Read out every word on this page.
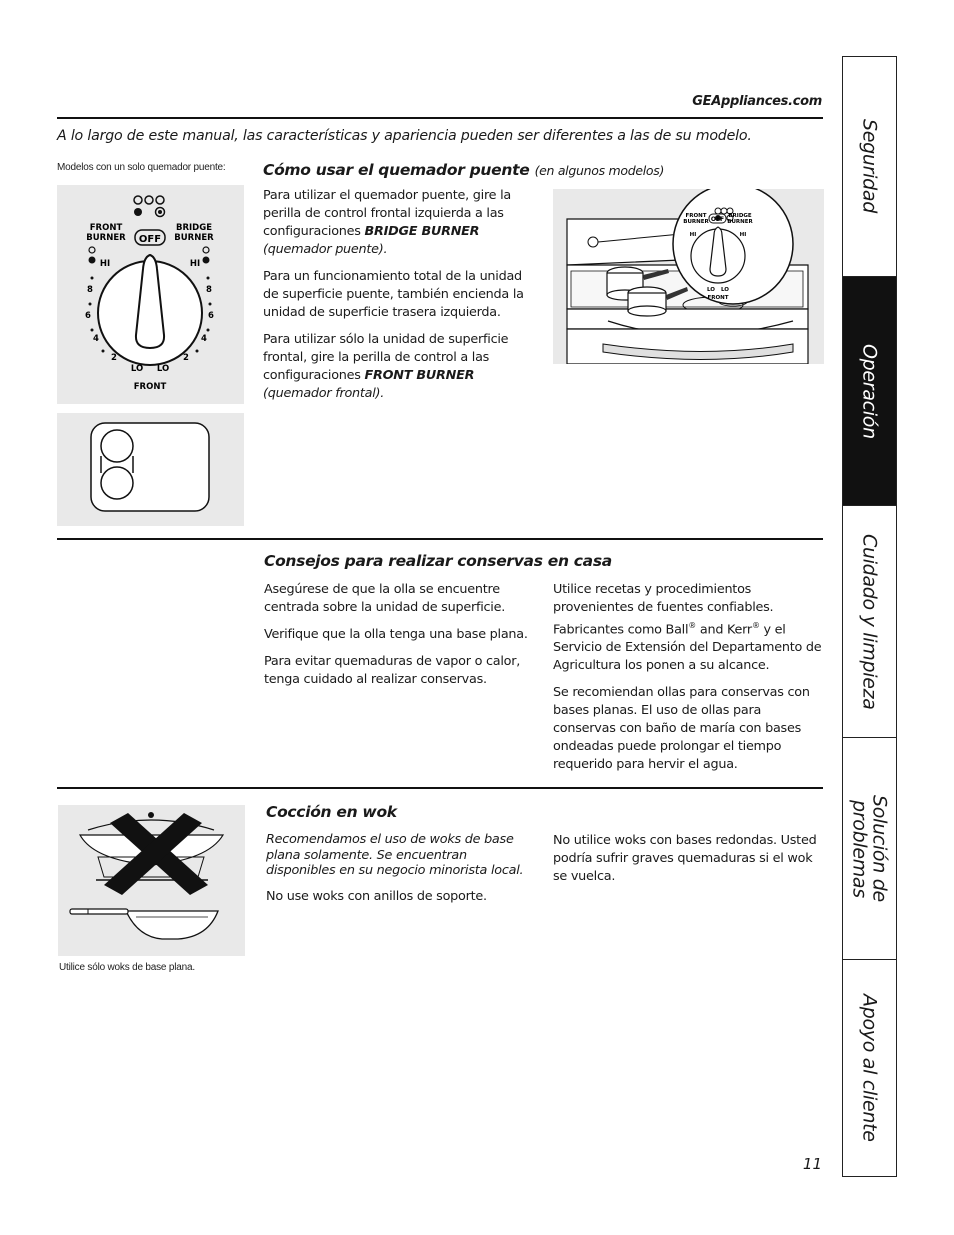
GEAppliances.com
A lo largo de este manual, las características y apariencia pueden ser diferentes a las de su modelo.
Modelos con un solo quemador puente:
FRONT
BURNER
BRIDGE
BURNER
OFF
HI	HI
8
6
4
2
8
6
4
2
LO LO
FRONT
Cómo usar el quemador puente (en algunos modelos)

Para utilizar el quemador puente, gire la perilla de control frontal izquierda a las configuraciones BRIDGE BURNER
(quemador puente).

Para un funcionamiento total de la unidad de superficie puente, también encienda la unidad de superficie trasera izquierda.

Para utilizar sólo la unidad de superficie frontal, gire la perilla de control a las configuraciones FRONT BURNER
(quemador frontal).

FRONT
BURNER
BRIDGE
BURNER
OFF
HI	HI
LO LO
FRONT
Consejos para realizar conservas en casa

Asegúrese de que la olla se encuentre centrada sobre la unidad de superficie.

Verifique que la olla tenga una base plana.

Para evitar quemaduras de vapor o calor, tenga cuidado al realizar conservas.

Utilice recetas y procedimientos provenientes de fuentes confiables. Fabricantes como Ball® and Kerr® y el Servicio de Extensión del Departamento de Agricultura los ponen a su alcance.

Se recomiendan ollas para conservas con bases planas. El uso de ollas para conservas con baño de maría con bases ondeadas puede prolongar el tiempo requerido para hervir el agua.

Utilice sólo woks de base plana.
Cocción en wok

Recomendamos el uso de woks de base plana solamente. Se encuentran disponibles en su negocio minorista local.

No use woks con anillos de soporte.

No utilice woks con bases redondas. Usted podría sufrir graves quemaduras si el wok se vuelca.

Seguridad
Operación
Cuidado y limpieza
Solución de problemas
Apoyo al cliente
11
